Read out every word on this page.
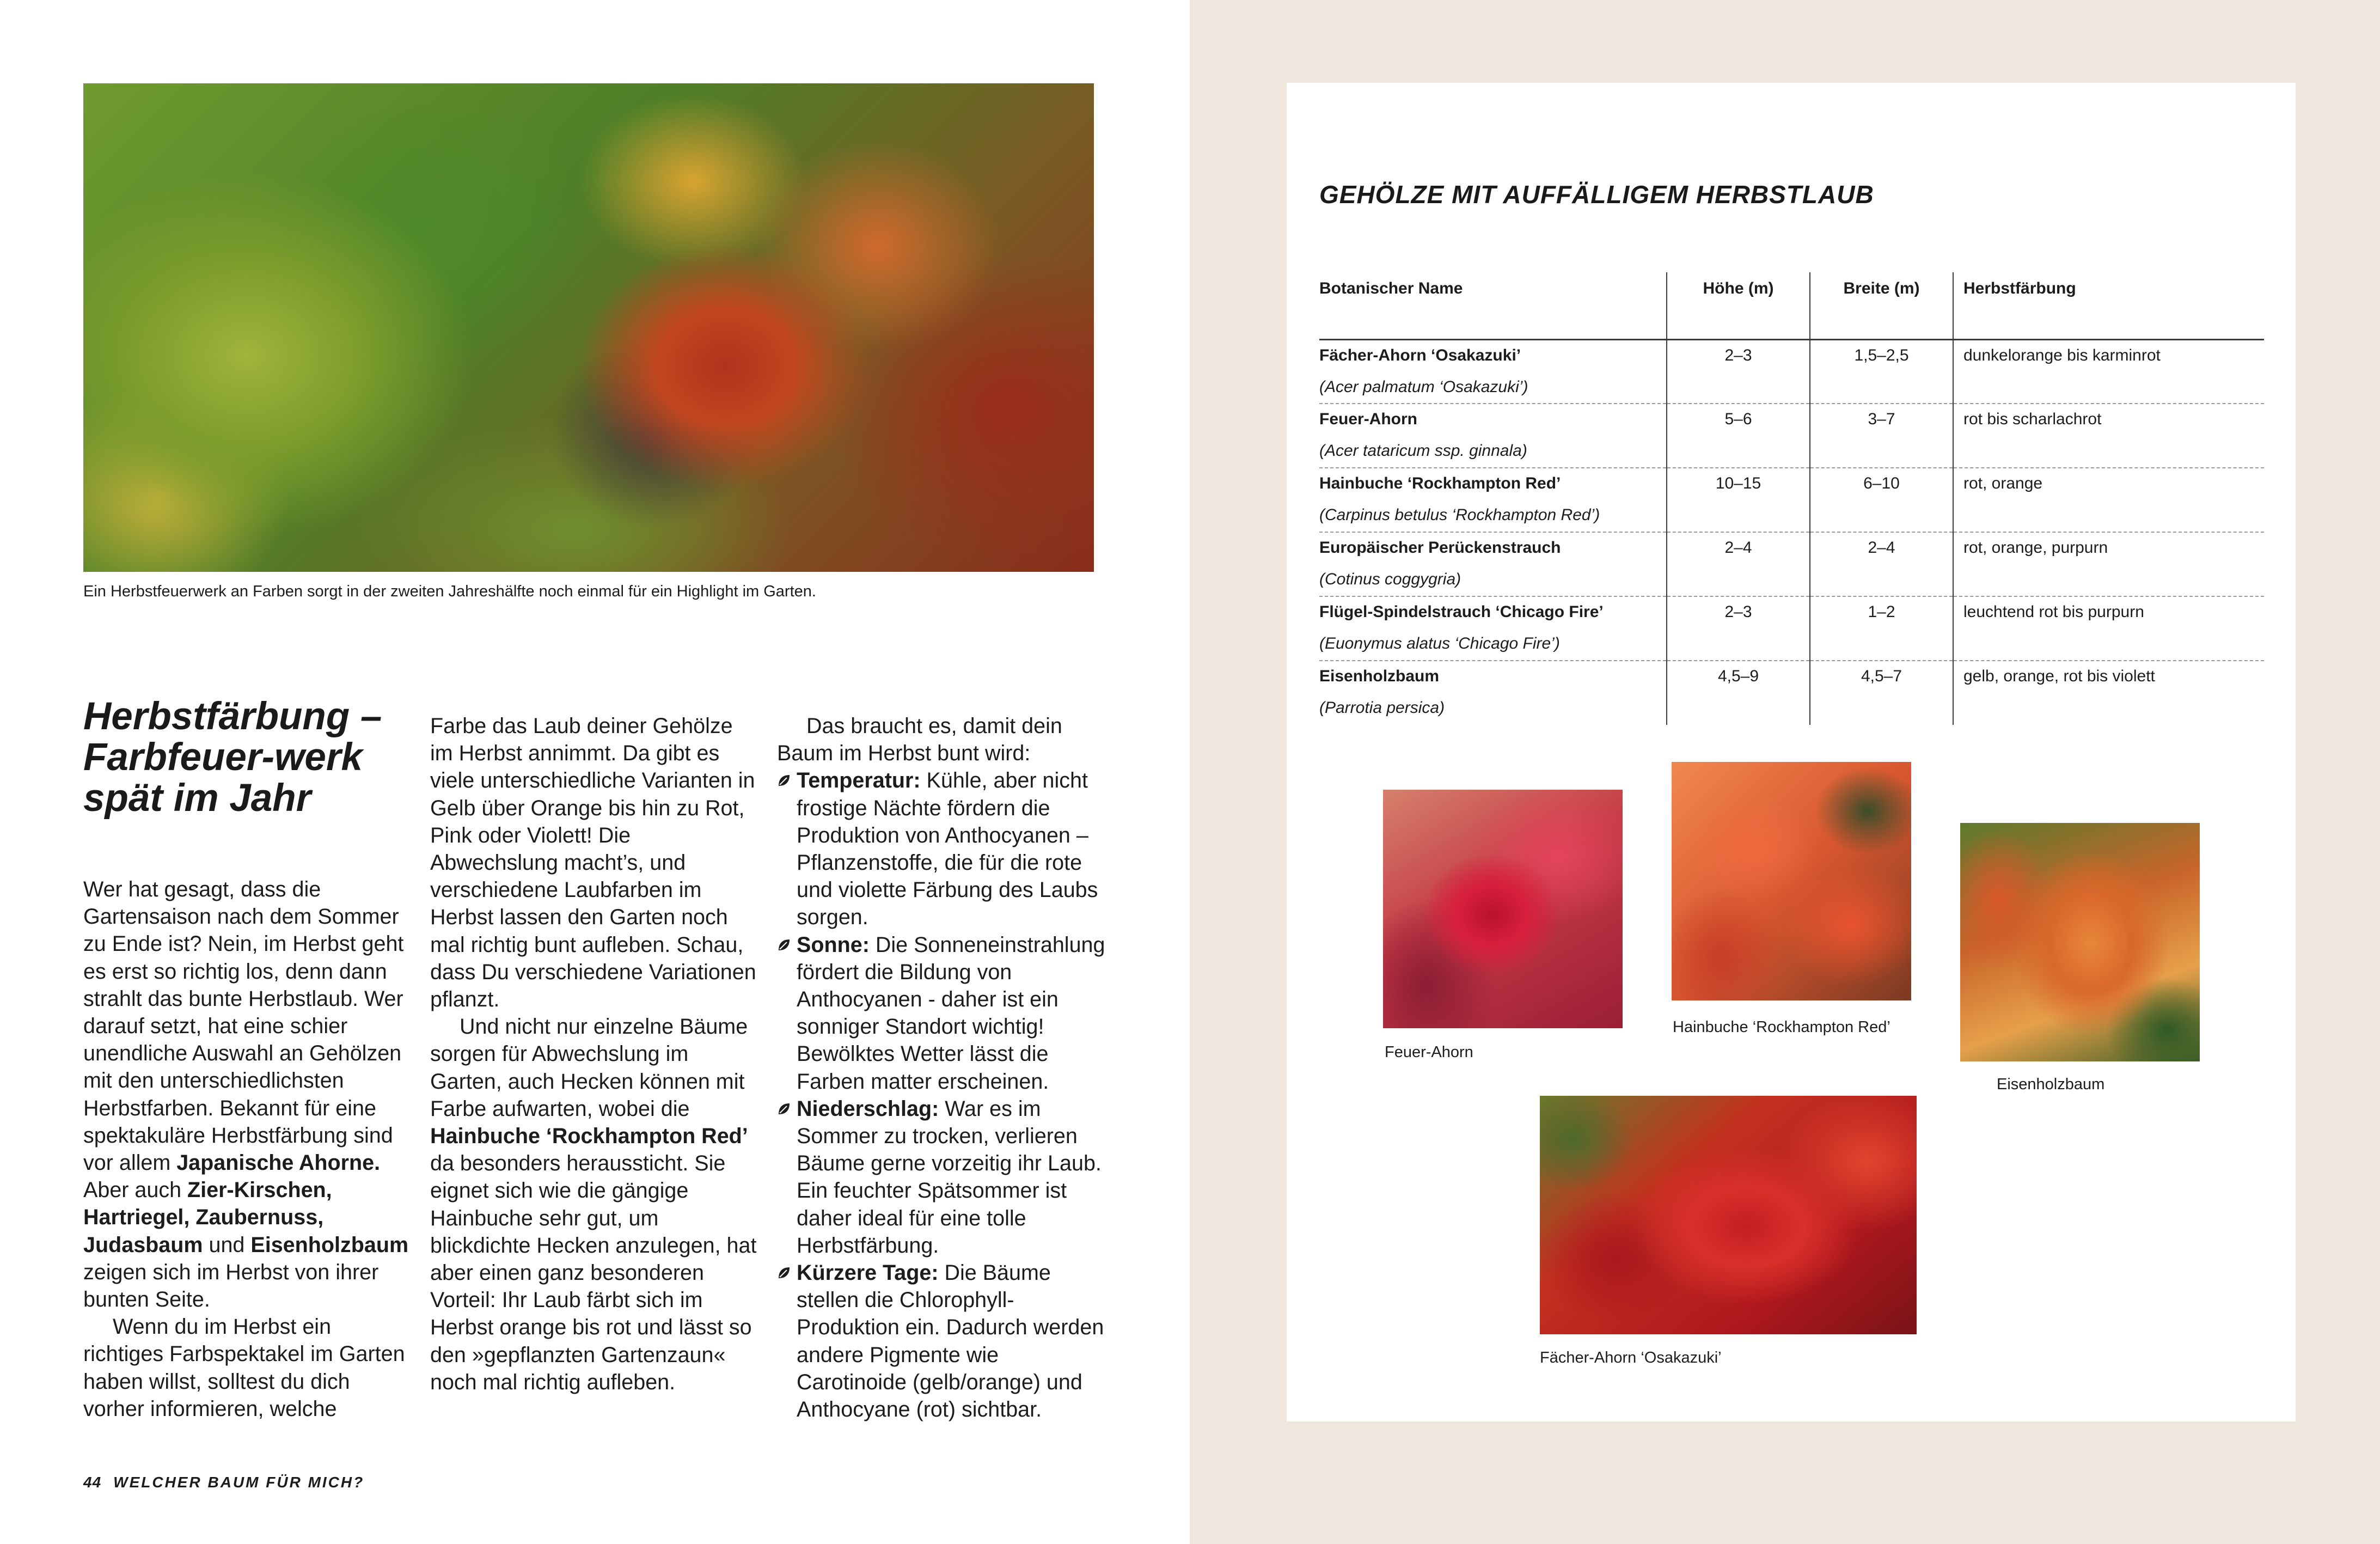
Ein Herbstfeuerwerk an Farben sorgt in der zweiten Jahreshälfte noch einmal für ein Highlight im Garten.
Herbstfärbung – Farbfeuer-werk spät im Jahr

Wer hat gesagt, dass die Gartensaison nach dem Sommer zu Ende ist? Nein, im Herbst geht es erst so richtig los, denn dann strahlt das bunte Herbstlaub. Wer darauf setzt, hat eine schier unendliche Auswahl an Gehölzen mit den unterschiedlichsten Herbstfarben. Bekannt für eine spektakuläre Herbstfärbung sind vor allem Japanische Ahorne. Aber auch Zier-Kirschen, Hartriegel, Zaubernuss, Judasbaum und Eisenholzbaum zeigen sich im Herbst von ihrer bunten Seite.

Wenn du im Herbst ein richtiges Farbspektakel im Garten haben willst, solltest du dich vorher informieren, welche

Farbe das Laub deiner Gehölze im Herbst annimmt. Da gibt es viele unterschiedliche Varianten in Gelb über Orange bis hin zu Rot, Pink oder Violett! Die Abwechslung macht’s, und verschiedene Laubfarben im Herbst lassen den Garten noch mal richtig bunt aufleben. Schau, dass Du verschiedene Variationen pflanzt.

Und nicht nur einzelne Bäume sorgen für Abwechslung im Garten, auch Hecken können mit Farbe aufwarten, wobei die Hainbuche ‘Rockhampton Red’ da besonders heraussticht. Sie eignet sich wie die gängige Hainbuche sehr gut, um blickdichte Hecken anzulegen, hat aber einen ganz besonderen Vorteil: Ihr Laub färbt sich im Herbst orange bis rot und lässt so den »gepflanzten Gartenzaun« noch mal richtig aufleben.

Das braucht es, damit dein Baum im Herbst bunt wird:

Temperatur: Kühle, aber nicht frostige Nächte fördern die Produktion von Anthocyanen – Pflanzenstoffe, die für die rote und violette Färbung des Laubs sorgen.
Sonne: Die Sonneneinstrahlung fördert die Bildung von Anthocyanen - daher ist ein sonniger Standort wichtig! Bewölktes Wetter lässt die Farben matter erscheinen.
Niederschlag: War es im Sommer zu trocken, verlieren Bäume gerne vorzeitig ihr Laub. Ein feuchter Spätsommer ist daher ideal für eine tolle Herbstfärbung.
Kürzere Tage: Die Bäume stellen die Chlorophyll-Produktion ein. Dadurch werden andere Pigmente wie Carotinoide (gelb/orange) und Anthocyane (rot) sichtbar.
44 WELCHER BAUM FÜR MICH?
GEHÖLZE MIT AUFFÄLLIGEM HERBSTLAUB
Botanischer Name	Höhe (m)	Breite (m)	Herbstfärbung

Fächer-Ahorn ‘Osakazuki’
(Acer palmatum ‘Osakazuki’)	2–3	1,5–2,5	dunkelorange bis karminrot

Feuer-Ahorn
(Acer tataricum ssp. ginnala)	5–6	3–7	rot bis scharlachrot

Hainbuche ‘Rockhampton Red’
(Carpinus betulus ‘Rockhampton Red’)	10–15	6–10	rot, orange

Europäischer Perückenstrauch
(Cotinus coggygria)	2–4	2–4	rot, orange, purpurn

Flügel-Spindelstrauch ‘Chicago Fire’
(Euonymus alatus ‘Chicago Fire’)	2–3	1–2	leuchtend rot bis purpurn

Eisenholzbaum
(Parrotia persica)	4,5–9	4,5–7	gelb, orange, rot bis violett
Feuer-Ahorn
Hainbuche ‘Rockhampton Red’
Eisenholzbaum
Fächer-Ahorn ‘Osakazuki’
